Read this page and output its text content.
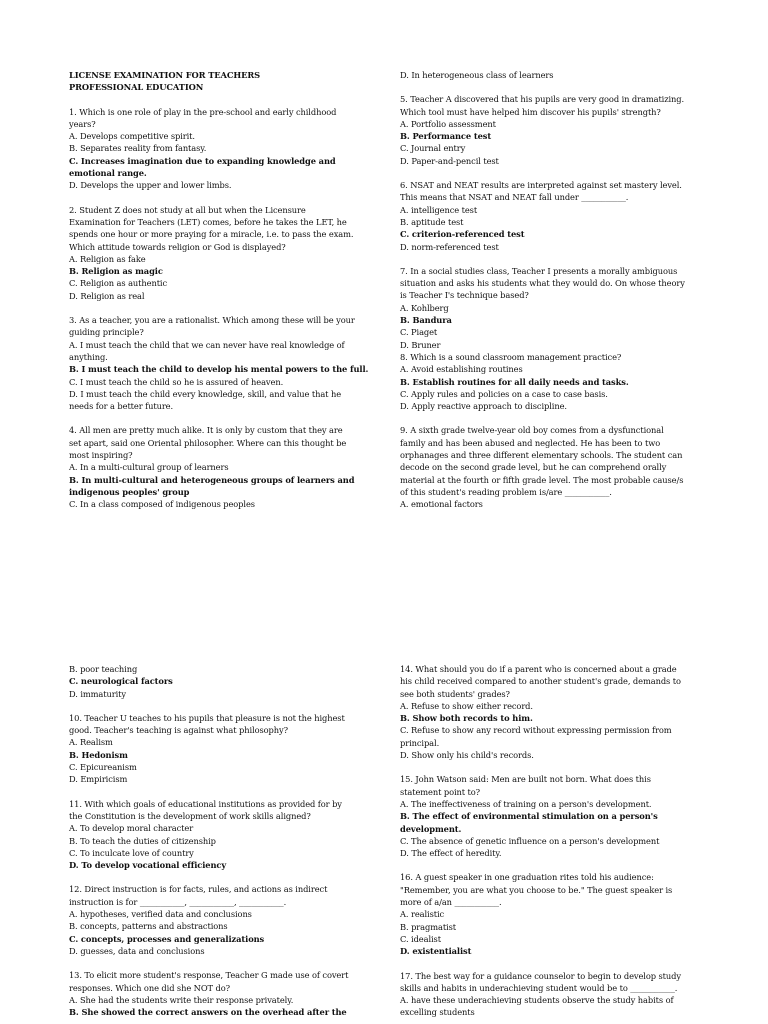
LICENSE EXAMINATION FOR TEACHERS
PROFESSIONAL EDUCATION
1. Which is one role of play in the pre-school and early childhood
years?
A. Develops competitive spirit.
B. Separates reality from fantasy.
C. Increases imagination due to expanding knowledge and
emotional range.
D. Develops the upper and lower limbs.
2. Student Z does not study at all but when the Licensure
Examination for Teachers (LET) comes, before he takes the LET, he
spends one hour or more praying for a miracle, i.e. to pass the exam.
Which attitude towards religion or God is displayed?
A. Religion as fake
B. Religion as magic
C. Religion as authentic
D. Religion as real
3. As a teacher, you are a rationalist. Which among these will be your
guiding principle?
A. I must teach the child that we can never have real knowledge of
anything.
B. I must teach the child to develop his mental powers to the full.
C. I must teach the child so he is assured of heaven.
D. I must teach the child every knowledge, skill, and value that he
needs for a better future.
4. All men are pretty much alike. It is only by custom that they are
set apart, said one Oriental philosopher. Where can this thought be
most inspiring?
A. In a multi-cultural group of learners
B. In multi-cultural and heterogeneous groups of learners and
indigenous peoples' group
C. In a class composed of indigenous peoples
D. In heterogeneous class of learners
5. Teacher A discovered that his pupils are very good in dramatizing.
Which tool must have helped him discover his pupils' strength?
A. Portfolio assessment
B. Performance test
C. Journal entry
D. Paper-and-pencil test
6. NSAT and NEAT results are interpreted against set mastery level.
This means that NSAT and NEAT fall under ___________.
A. intelligence test
B. aptitude test
C. criterion-referenced test
D. norm-referenced test
7. In a social studies class, Teacher I presents a morally ambiguous
situation and asks his students what they would do. On whose theory
is Teacher I's technique based?
A. Kohlberg
B. Bandura
C. Piaget
D. Bruner
8. Which is a sound classroom management practice?
A. Avoid establishing routines
B. Establish routines for all daily needs and tasks.
C. Apply rules and policies on a case to case basis.
D. Apply reactive approach to discipline.
9. A sixth grade twelve-year old boy comes from a dysfunctional
family and has been abused and neglected. He has been to two
orphanages and three different elementary schools. The student can
decode on the second grade level, but he can comprehend orally
material at the fourth or fifth grade level. The most probable cause/s
of this student's reading problem is/are ___________.
A. emotional factors
B. poor teaching
C. neurological factors
D. immaturity
10. Teacher U teaches to his pupils that pleasure is not the highest
good. Teacher's teaching is against what philosophy?
A. Realism
B. Hedonism
C. Epicureanism
D. Empiricism
11. With which goals of educational institutions as provided for by
the Constitution is the development of work skills aligned?
A. To develop moral character
B. To teach the duties of citizenship
C. To inculcate love of country
D. To develop vocational efficiency
12. Direct instruction is for facts, rules, and actions as indirect
instruction is for ___________, ___________, ___________.
A. hypotheses, verified data and conclusions
B. concepts, patterns and abstractions
C. concepts, processes and generalizations
D. guesses, data and conclusions
13. To elicit more student's response, Teacher G made use of covert
responses. Which one did she NOT do?
A. She had the students write their response privately.
B. She showed the correct answers on the overhead after the
14. What should you do if a parent who is concerned about a grade
his child received compared to another student's grade, demands to
see both students' grades?
A. Refuse to show either record.
B. Show both records to him.
C. Refuse to show any record without expressing permission from
principal.
D. Show only his child's records.
15. John Watson said: Men are built not born. What does this
statement point to?
A. The ineffectiveness of training on a person's development.
B. The effect of environmental stimulation on a person's
development.
C. The absence of genetic influence on a person's development
D. The effect of heredity.
16. A guest speaker in one graduation rites told his audience:
"Remember, you are what you choose to be." The guest speaker is
more of a/an ___________.
A. realistic
B. pragmatist
C. idealist
D. existentialist
17. The best way for a guidance counselor to begin to develop study
skills and habits in underachieving student would be to ___________.
A. have these underachieving students observe the study habits of
excelling students
